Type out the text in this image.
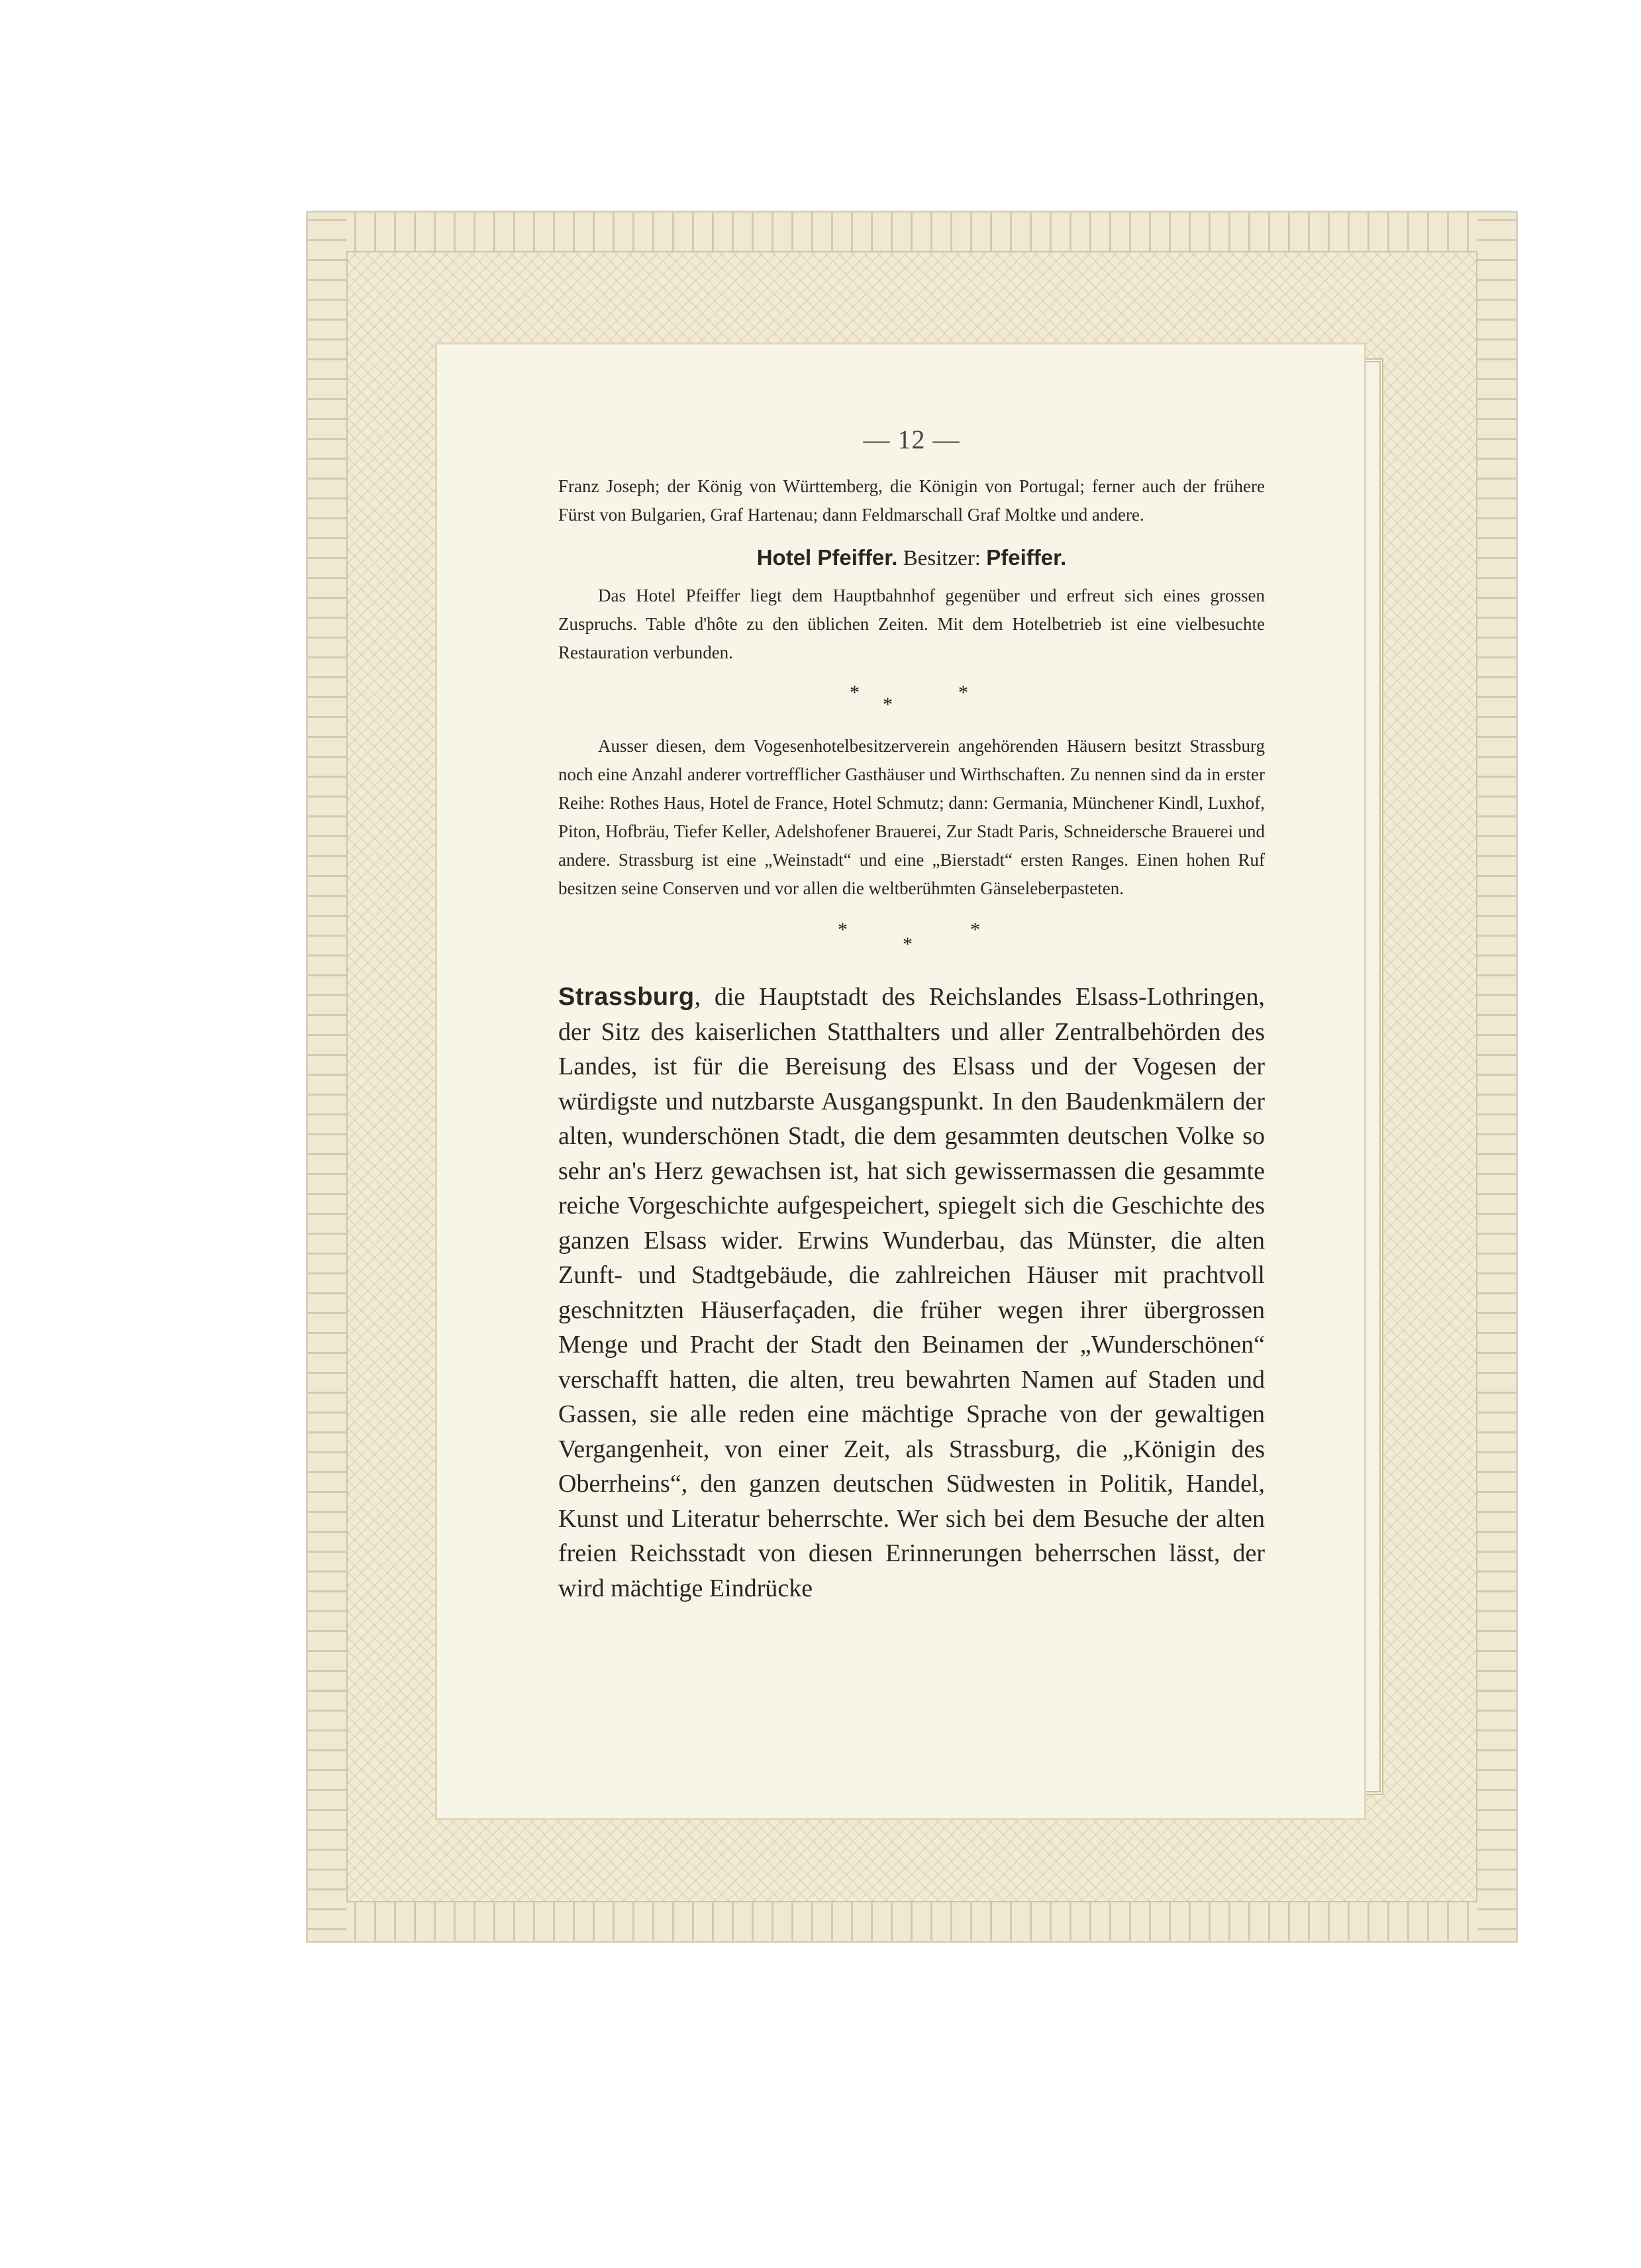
— 12 —

Franz Joseph; der König von Württemberg, die Königin von Portugal; ferner auch der frühere Fürst von Bulgarien, Graf Hartenau; dann Feldmarschall Graf Moltke und andere.

Hotel Pfeiffer. Besitzer: Pfeiffer.

Das Hotel Pfeiffer liegt dem Hauptbahnhof gegenüber und erfreut sich eines grossen Zuspruchs. Table d'hôte zu den üblichen Zeiten. Mit dem Hotelbetrieb ist eine vielbesuchte Restauration verbunden.

*
*
*

Ausser diesen, dem Vogesenhotelbesitzerverein angehörenden Häusern besitzt Strassburg noch eine Anzahl anderer vortrefflicher Gasthäuser und Wirthschaften. Zu nennen sind da in erster Reihe: Rothes Haus, Hotel de France, Hotel Schmutz; dann: Germania, Münchener Kindl, Luxhof, Piton, Hofbräu, Tiefer Keller, Adelshofener Brauerei, Zur Stadt Paris, Schneidersche Brauerei und andere. Strassburg ist eine „Weinstadt“ und eine „Bierstadt“ ersten Ranges. Einen hohen Ruf besitzen seine Conserven und vor allen die weltberühmten Gänseleberpasteten.

*
*
*

Strassburg, die Hauptstadt des Reichslandes Elsass-Lothringen, der Sitz des kaiserlichen Statthalters und aller Zentralbehörden des Landes, ist für die Bereisung des Elsass und der Vogesen der würdigste und nutzbarste Ausgangspunkt. In den Baudenkmälern der alten, wunderschönen Stadt, die dem gesammten deutschen Volke so sehr an's Herz gewachsen ist, hat sich gewissermassen die gesammte reiche Vorgeschichte aufgespeichert, spiegelt sich die Geschichte des ganzen Elsass wider. Erwins Wunderbau, das Münster, die alten Zunft- und Stadtgebäude, die zahlreichen Häuser mit prachtvoll geschnitzten Häuserfaçaden, die früher wegen ihrer übergrossen Menge und Pracht der Stadt den Beinamen der „Wunderschönen“ verschafft hatten, die alten, treu bewahrten Namen auf Staden und Gassen, sie alle reden eine mächtige Sprache von der gewaltigen Vergangenheit, von einer Zeit, als Strassburg, die „Königin des Oberrheins“, den ganzen deutschen Südwesten in Politik, Handel, Kunst und Literatur beherrschte. Wer sich bei dem Besuche der alten freien Reichsstadt von diesen Erinnerungen beherrschen lässt, der wird mächtige Eindrücke
